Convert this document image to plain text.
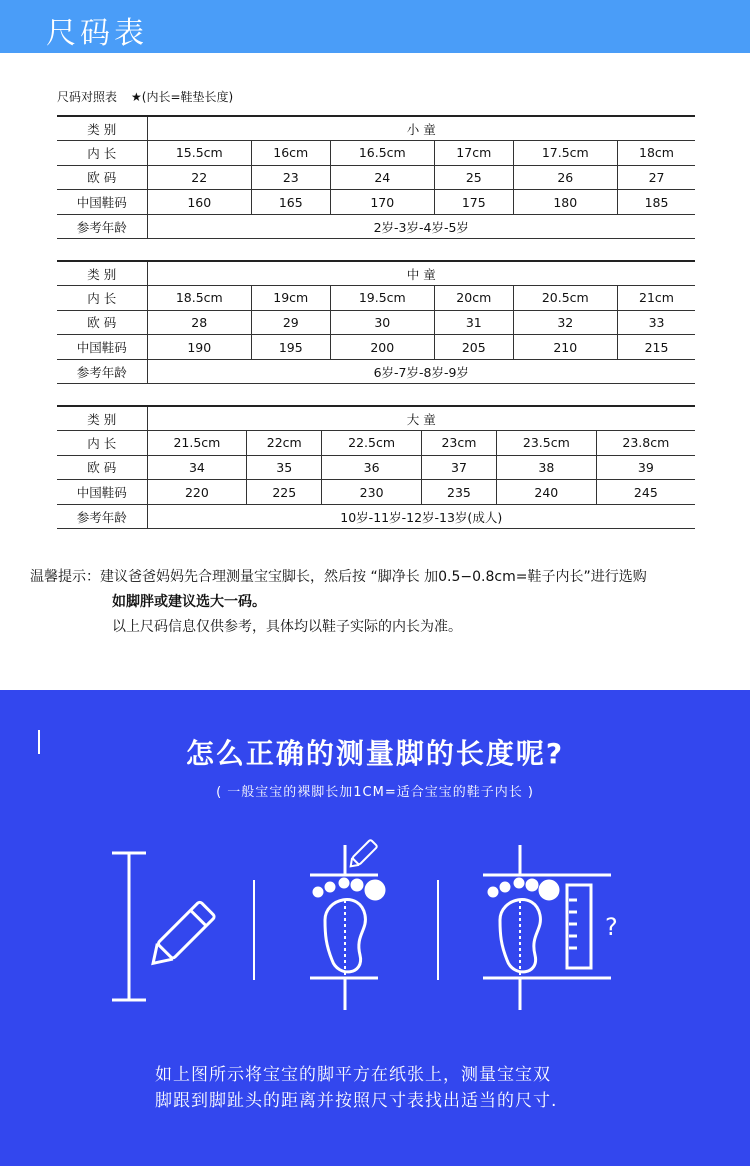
尺码表
尺码对照表 ★(内长=鞋垫长度)
类 别	小 童					
内 长	15.5cm	16cm	16.5cm	17cm	17.5cm	18cm
欧 码	22	23	24	25	26	27
中国鞋码	160	165	170	175	180	185
参考年龄	2岁-3岁-4岁-5岁					
类 别	中 童					
内 长	18.5cm	19cm	19.5cm	20cm	20.5cm	21cm
欧 码	28	29	30	31	32	33
中国鞋码	190	195	200	205	210	215
参考年龄	6岁-7岁-8岁-9岁					
类 别	大 童					
内 长	21.5cm	22cm	22.5cm	23cm	23.5cm	23.8cm
欧 码	34	35	36	37	38	39
中国鞋码	220	225	230	235	240	245
参考年龄	10岁-11岁-12岁-13岁(成人)					
温馨提示：建议爸爸妈妈先合理测量宝宝脚长，然后按 “脚净长 加0.5−0.8cm=鞋子内长”进行选购
如脚胖或建议选大一码。
以上尺码信息仅供参考，具体均以鞋子实际的内长为准。
怎么正确的测量脚的长度呢?
( 一般宝宝的裸脚长加1CM=适合宝宝的鞋子内长 )
?
如上图所示将宝宝的脚平方在纸张上，测量宝宝双
脚跟到脚趾头的距离并按照尺寸表找出适当的尺寸.
